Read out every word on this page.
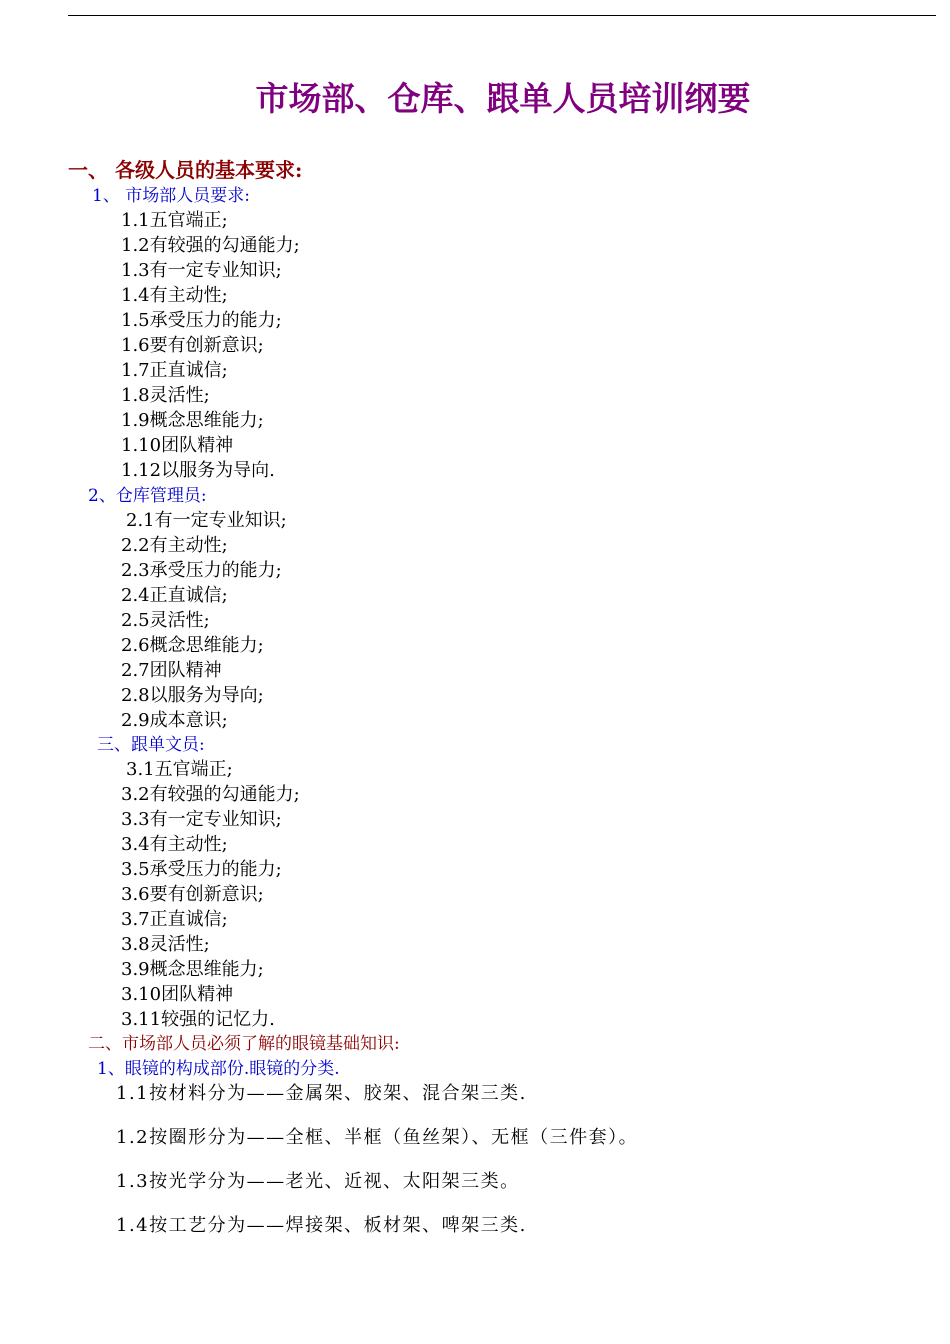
市场部、仓库、跟单人员培训纲要
一、 各级人员的基本要求:
1、 市场部人员要求:
1.1五官端正;
1.2有较强的勾通能力;
1.3有一定专业知识;
1.4有主动性;
1.5承受压力的能力;
1.6要有创新意识;
1.7正直诚信;
1.8灵活性;
1.9概念思维能力;
1.10团队精神
1.12以服务为导向.
2、仓库管理员:
2.1有一定专业知识;
2.2有主动性;
2.3承受压力的能力;
2.4正直诚信;
2.5灵活性;
2.6概念思维能力;
2.7团队精神
2.8以服务为导向;
2.9成本意识;
三、跟单文员:
3.1五官端正;
3.2有较强的勾通能力;
3.3有一定专业知识;
3.4有主动性;
3.5承受压力的能力;
3.6要有创新意识;
3.7正直诚信;
3.8灵活性;
3.9概念思维能力;
3.10团队精神
3.11较强的记忆力.
二、市场部人员必须了解的眼镜基础知识:
1、眼镜的构成部份.眼镜的分类.
1.1按材料分为——金属架、胶架、混合架三类.
1.2按圈形分为——全框、半框（鱼丝架）、无框（三件套）。
1.3按光学分为——老光、近视、太阳架三类。
1.4按工艺分为——焊接架、板材架、啤架三类.
